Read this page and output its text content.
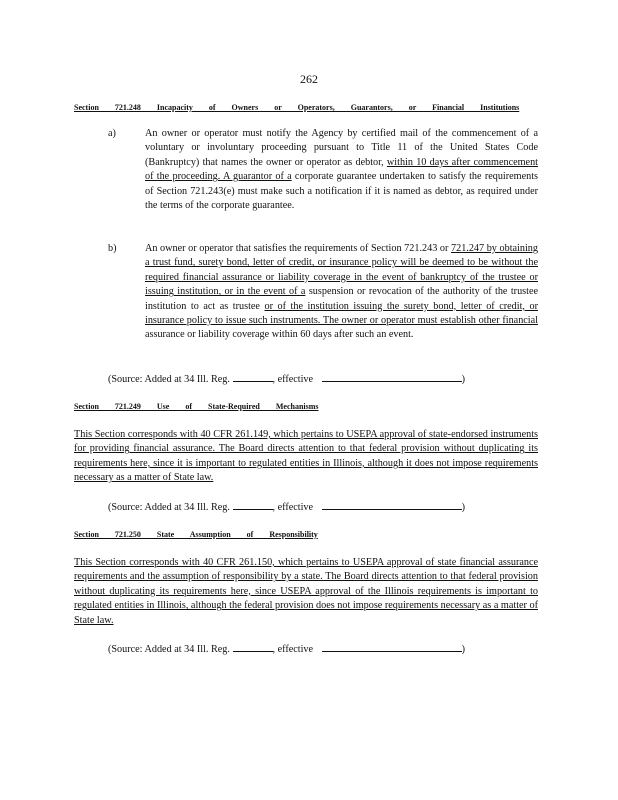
262
Section 721.248 Incapacity of Owners or Operators, Guarantors, or Financial Institutions
a)	An owner or operator must notify the Agency by certified mail of the commencement of a voluntary or involuntary proceeding pursuant to Title 11 of the United States Code (Bankruptcy) that names the owner or operator as debtor, within 10 days after commencement of the proceeding. A guarantor of a corporate guarantee undertaken to satisfy the requirements of Section 721.243(e) must make such a notification if it is named as debtor, as required under the terms of the corporate guarantee.
b)	An owner or operator that satisfies the requirements of Section 721.243 or 721.247 by obtaining a trust fund, surety bond, letter of credit, or insurance policy will be deemed to be without the required financial assurance or liability coverage in the event of bankruptcy of the trustee or issuing institution, or in the event of a suspension or revocation of the authority of the trustee institution to act as trustee or of the institution issuing the surety bond, letter of credit, or insurance policy to issue such instruments. The owner or operator must establish other financial assurance or liability coverage within 60 days after such an event.
(Source: Added at 34 Ill. Reg.	, effective	)
Section 721.249 Use of State-Required Mechanisms
This Section corresponds with 40 CFR 261.149, which pertains to USEPA approval of state-endorsed instruments for providing financial assurance. The Board directs attention to that federal provision without duplicating its requirements here, since it is important to regulated entities in Illinois, although it does not impose requirements necessary as a matter of State law.
(Source: Added at 34 Ill. Reg.	, effective	)
Section 721.250 State Assumption of Responsibility
This Section corresponds with 40 CFR 261.150, which pertains to USEPA approval of state financial assurance requirements and the assumption of responsibility by a state. The Board directs attention to that federal provision without duplicating its requirements here, since USEPA approval of the Illinois requirements is important to regulated entities in Illinois, although the federal provision does not impose requirements necessary as a matter of State law.
(Source: Added at 34 Ill. Reg.	, effective	)
